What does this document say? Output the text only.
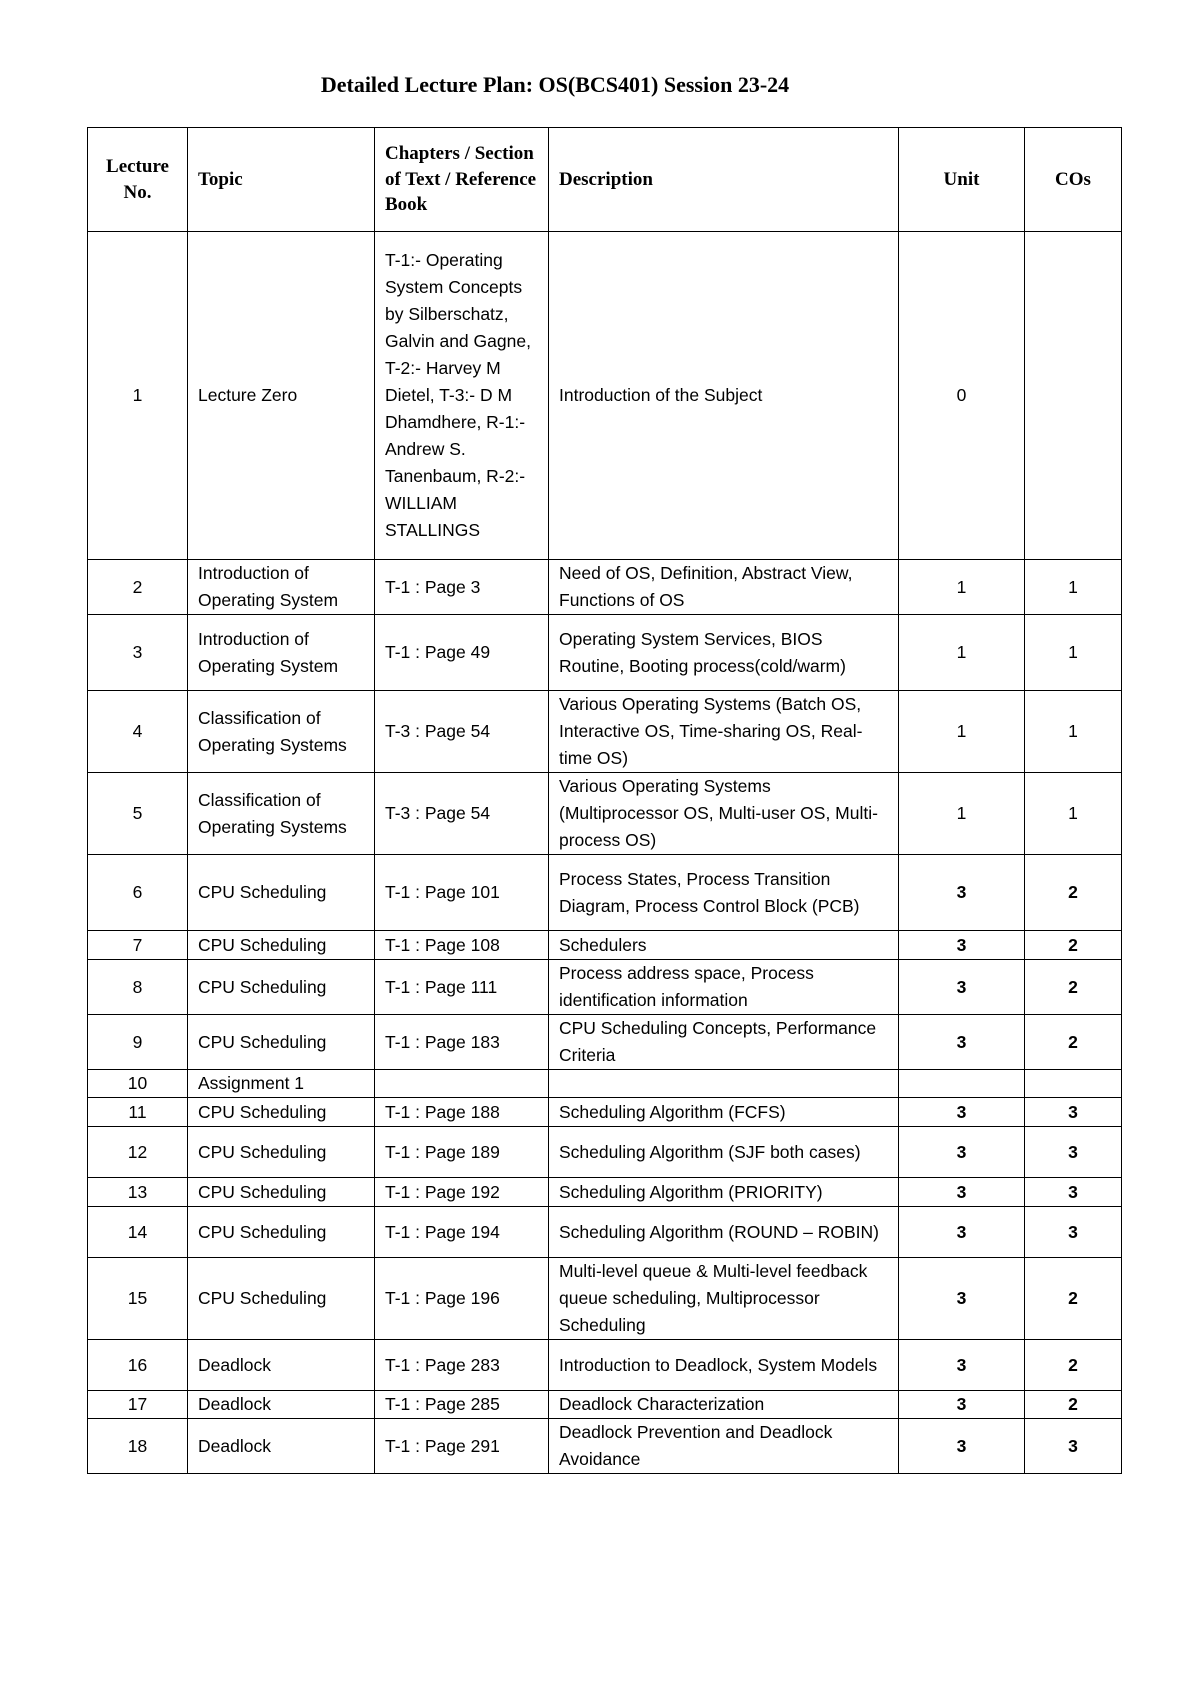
Detailed Lecture Plan: OS(BCS401) Session 23-24
Lecture No.	Topic	Chapters / Section of Text / Reference Book	Description	Unit	COs
1	Lecture Zero	T-1:- Operating System Concepts by Silberschatz, Galvin and Gagne, T-2:- Harvey M Dietel, T-3:- D M Dhamdhere, R-1:- Andrew S. Tanenbaum, R-2:- WILLIAM STALLINGS	Introduction of the Subject	0	
2	Introduction of Operating System	T-1 : Page 3	Need of OS, Definition, Abstract View, Functions of OS	1	1
3	Introduction of Operating System	T-1 : Page 49	Operating System Services, BIOS Routine, Booting process(cold/warm)	1	1
4	Classification of Operating Systems	T-3 : Page 54	Various Operating Systems (Batch OS, Interactive OS, Time-sharing OS, Real-time OS)	1	1
5	Classification of Operating Systems	T-3 : Page 54	Various Operating Systems (Multiprocessor OS, Multi-user OS, Multi-process OS)	1	1
6	CPU Scheduling	T-1 : Page 101	Process States, Process Transition Diagram, Process Control Block (PCB)	3	2
7	CPU Scheduling	T-1 : Page 108	Schedulers	3	2
8	CPU Scheduling	T-1 : Page 111	Process address space, Process identification information	3	2
9	CPU Scheduling	T-1 : Page 183	CPU Scheduling Concepts, Performance Criteria	3	2
10	Assignment 1				
11	CPU Scheduling	T-1 : Page 188	Scheduling Algorithm (FCFS)	3	3
12	CPU Scheduling	T-1 : Page 189	Scheduling Algorithm (SJF both cases)	3	3
13	CPU Scheduling	T-1 : Page 192	Scheduling Algorithm (PRIORITY)	3	3
14	CPU Scheduling	T-1 : Page 194	Scheduling Algorithm (ROUND – ROBIN)	3	3
15	CPU Scheduling	T-1 : Page 196	Multi-level queue & Multi-level feedback queue scheduling, Multiprocessor Scheduling	3	2
16	Deadlock	T-1 : Page 283	Introduction to Deadlock, System Models	3	2
17	Deadlock	T-1 : Page 285	Deadlock Characterization	3	2
18	Deadlock	T-1 : Page 291	Deadlock Prevention and Deadlock Avoidance	3	3
